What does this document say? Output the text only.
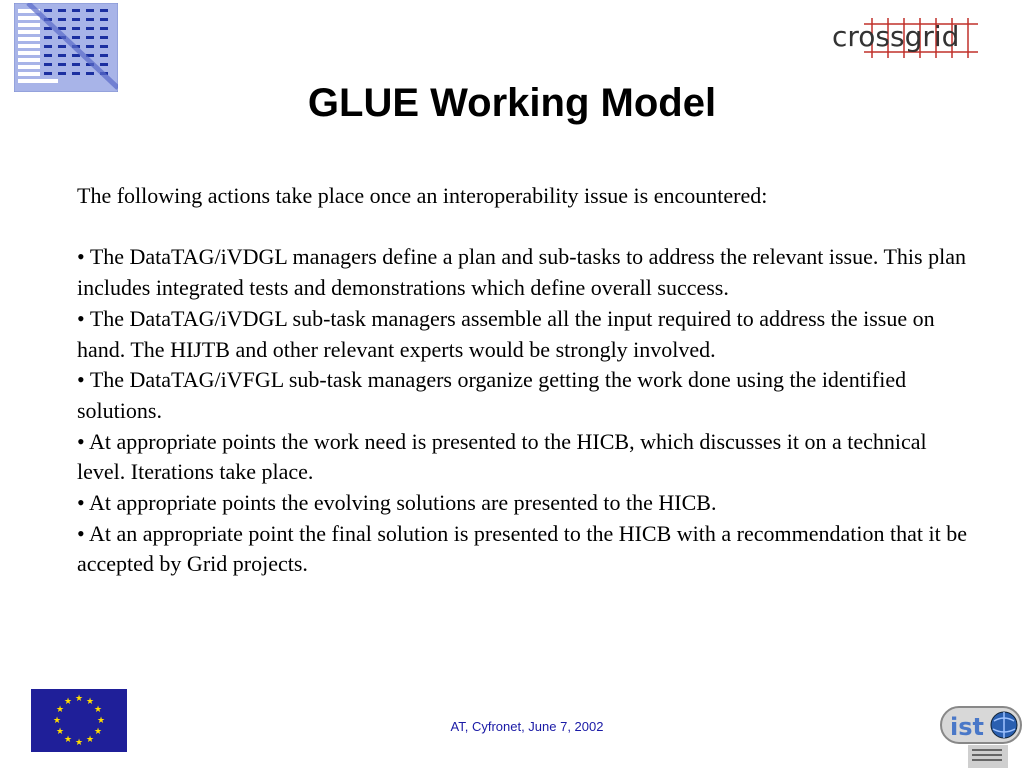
crossgrid
GLUE Working Model

The following actions take place once an interoperability issue is encountered:

• The DataTAG/iVDGL managers define a plan and sub-tasks to address the relevant issue. This plan includes integrated tests and demonstrations which define overall success.

• The DataTAG/iVDGL sub-task managers assemble all the input required to address the issue on hand. The HIJTB and other relevant experts would be strongly involved.

• The DataTAG/iVFGL sub-task managers organize getting the work done using the identified solutions.

• At appropriate points the work need is presented to the HICB, which discusses it on a technical level. Iterations take place.

• At appropriate points the evolving solutions are presented to the HICB.

• At an appropriate point the final solution is presented to the HICB with a recommendation that it be accepted by Grid projects.

★ ★
★
★
★
★
★
★
★
★
★
★
AT, Cyfronet, June 7, 2002	ist
